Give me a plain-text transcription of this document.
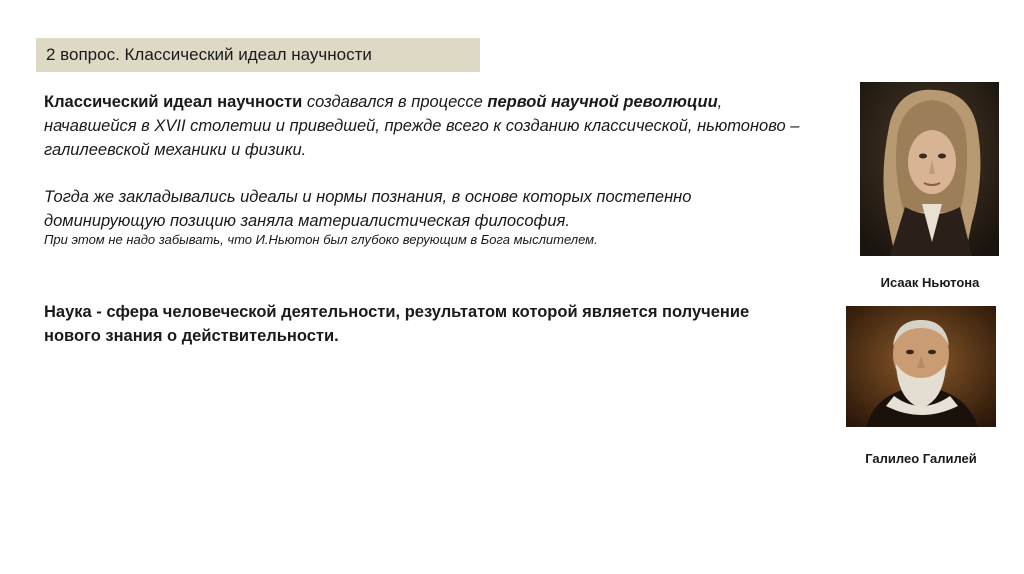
2 вопрос. Классический идеал научности
Классический идеал научности создавался в процессе первой научной революции, начавшейся в XVII столетии и приведшей, прежде всего к созданию классической, ньютоново – галилеевской механики и физики.
Тогда же закладывались идеалы и нормы познания, в основе которых постепенно доминирующую позицию заняла материалистическая философия.
При этом не надо забывать, что И.Ньютон был глубоко верующим в Бога мыслителем.
Наука - сфера человеческой деятельности, результатом которой является получение нового знания о действительности.
Исаак Ньютона
Галилео Галилей
